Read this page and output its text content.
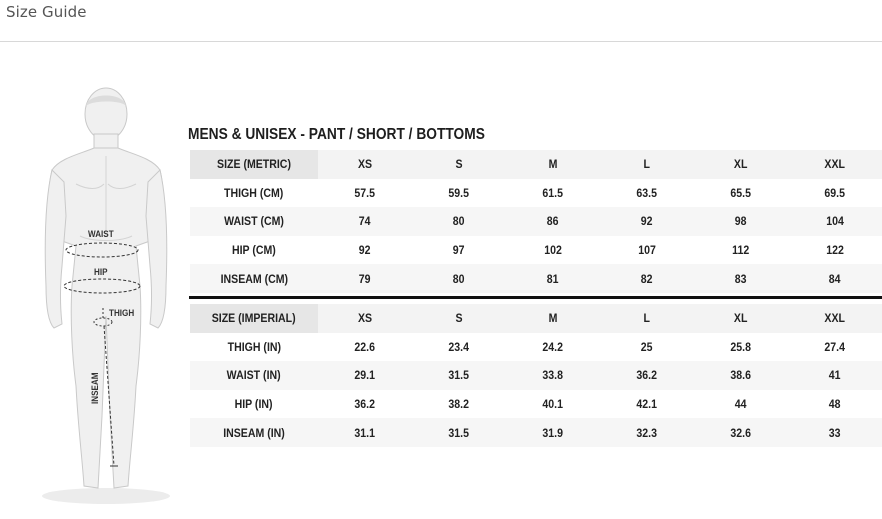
Size Guide
WAIST
HIP
THIGH
INSEAM
MENS & UNISEX - PANT / SHORT / BOTTOMS
SIZE (METRIC)	XS	S	M	L	XL	XXL
THIGH (CM)	57.5	59.5	61.5	63.5	65.5	69.5
WAIST (CM)	74	80	86	92	98	104
HIP (CM)	92	97	102	107	112	122
INSEAM (CM)	79	80	81	82	83	84
SIZE (IMPERIAL)	XS	S	M	L	XL	XXL
THIGH (IN)	22.6	23.4	24.2	25	25.8	27.4
WAIST (IN)	29.1	31.5	33.8	36.2	38.6	41
HIP (IN)	36.2	38.2	40.1	42.1	44	48
INSEAM (IN)	31.1	31.5	31.9	32.3	32.6	33
